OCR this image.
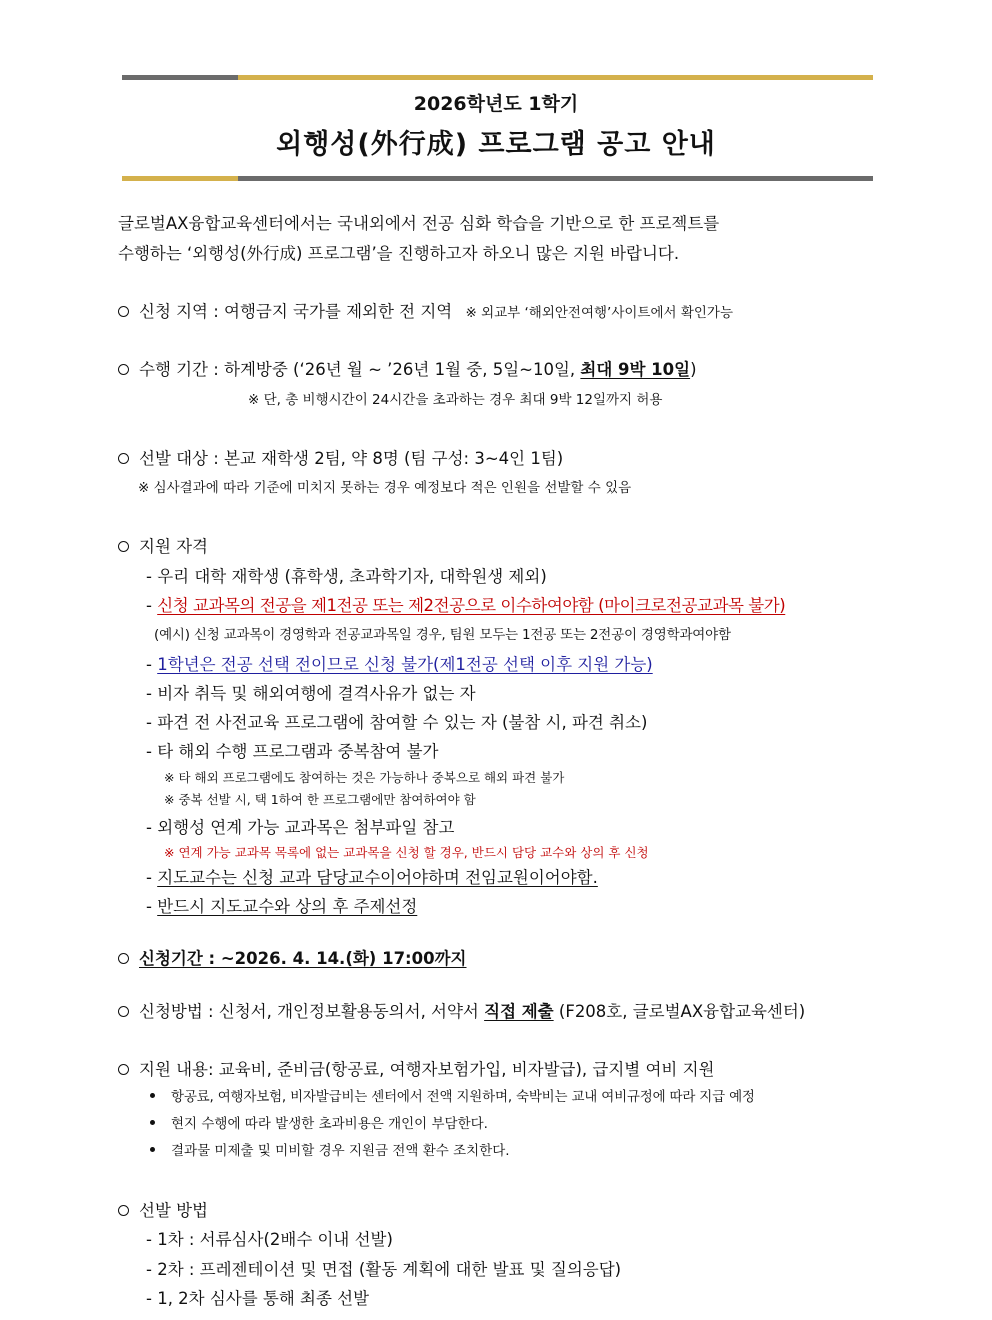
2026학년도 1학기
외행성(外行成) 프로그램 공고 안내
글로벌AX융합교육센터에서는 국내외에서 전공 심화 학습을 기반으로 한 프로젝트를
수행하는 ‘외행성(外行成) 프로그램’을 진행하고자 하오니 많은 지원 바랍니다.
신청 지역 : 여행금지 국가를 제외한 전 지역 ※ 외교부 ‘해외안전여행’사이트에서 확인가능
수행 기간 : 하계방중 (‘26년 월 ~ ’26년 1월 중, 5일~10일, 최대 9박 10일)
※ 단, 총 비행시간이 24시간을 초과하는 경우 최대 9박 12일까지 허용
선발 대상 : 본교 재학생 2팀, 약 8명 (팀 구성: 3~4인 1팀)
※ 심사결과에 따라 기준에 미치지 못하는 경우 예정보다 적은 인원을 선발할 수 있음
지원 자격
- 우리 대학 재학생 (휴학생, 초과학기자, 대학원생 제외)
- 신청 교과목의 전공을 제1전공 또는 제2전공으로 이수하여야함 (마이크로전공교과목 불가)
(예시) 신청 교과목이 경영학과 전공교과목일 경우, 팀원 모두는 1전공 또는 2전공이 경영학과여야함
- 1학년은 전공 선택 전이므로 신청 불가(제1전공 선택 이후 지원 가능)
- 비자 취득 및 해외여행에 결격사유가 없는 자
- 파견 전 사전교육 프로그램에 참여할 수 있는 자 (불참 시, 파견 취소)
- 타 해외 수행 프로그램과 중복참여 불가
※ 타 해외 프로그램에도 참여하는 것은 가능하나 중복으로 해외 파견 불가
※ 중복 선발 시, 택 1하여 한 프로그램에만 참여하여야 함
- 외행성 연계 가능 교과목은 첨부파일 참고
※ 연계 가능 교과목 목록에 없는 교과목을 신청 할 경우, 반드시 담당 교수와 상의 후 신청
- 지도교수는 신청 교과 담당교수이어야하며 전임교원이어야함.
- 반드시 지도교수와 상의 후 주제선정
신청기간 : ~2026. 4. 14.(화) 17:00까지
신청방법 : 신청서, 개인정보활용동의서, 서약서 직접 제출 (F208호, 글로벌AX융합교육센터)
지원 내용: 교육비, 준비금(항공료, 여행자보험가입, 비자발급), 급지별 여비 지원
항공료, 여행자보험, 비자발급비는 센터에서 전액 지원하며, 숙박비는 교내 여비규정에 따라 지급 예정
현지 수행에 따라 발생한 초과비용은 개인이 부담한다.
결과물 미제출 및 미비할 경우 지원금 전액 환수 조치한다.
선발 방법
- 1차 : 서류심사(2배수 이내 선발)
- 2차 : 프레젠테이션 및 면접 (활동 계획에 대한 발표 및 질의응답)
- 1, 2차 심사를 통해 최종 선발
